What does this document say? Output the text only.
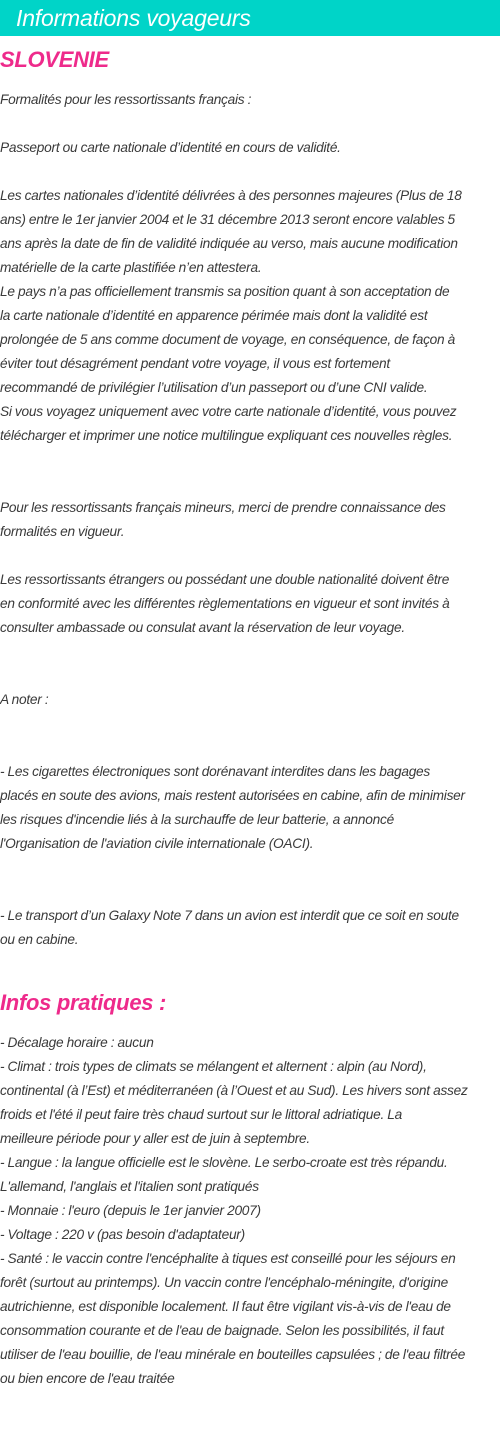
Informations voyageurs
SLOVENIE

Formalités pour les ressortissants français :

Passeport ou carte nationale d’identité en cours de validité.

Les cartes nationales d’identité délivrées à des personnes majeures (Plus de 18
ans) entre le 1er janvier 2004 et le 31 décembre 2013 seront encore valables 5
ans après la date de fin de validité indiquée au verso, mais aucune modification
matérielle de la carte plastifiée n’en attestera.
Le pays n’a pas officiellement transmis sa position quant à son acceptation de
la carte nationale d’identité en apparence périmée mais dont la validité est
prolongée de 5 ans comme document de voyage, en conséquence, de façon à
éviter tout désagrément pendant votre voyage, il vous est fortement
recommandé de privilégier l’utilisation d’un passeport ou d’une CNI valide.
Si vous voyagez uniquement avec votre carte nationale d’identité, vous pouvez
télécharger et imprimer une notice multilingue expliquant ces nouvelles règles.

Pour les ressortissants français mineurs, merci de prendre connaissance des
formalités en vigueur.

Les ressortissants étrangers ou possédant une double nationalité doivent être
en conformité avec les différentes règlementations en vigueur et sont invités à
consulter ambassade ou consulat avant la réservation de leur voyage.

A noter :

- Les cigarettes électroniques sont dorénavant interdites dans les bagages
placés en soute des avions, mais restent autorisées en cabine, afin de minimiser
les risques d'incendie liés à la surchauffe de leur batterie, a annoncé
l'Organisation de l'aviation civile internationale (OACI).

- Le transport d’un Galaxy Note 7 dans un avion est interdit que ce soit en soute
ou en cabine.

Infos pratiques :

- Décalage horaire : aucun
- Climat : trois types de climats se mélangent et alternent : alpin (au Nord),
continental (à l’Est) et méditerranéen (à l’Ouest et au Sud). Les hivers sont assez
froids et l'été il peut faire très chaud surtout sur le littoral adriatique. La
meilleure période pour y aller est de juin à septembre.
- Langue : la langue officielle est le slovène. Le serbo-croate est très répandu.
L'allemand, l'anglais et l'italien sont pratiqués
- Monnaie : l'euro (depuis le 1er janvier 2007)
- Voltage : 220 v (pas besoin d'adaptateur)
- Santé : le vaccin contre l'encéphalite à tiques est conseillé pour les séjours en
forêt (surtout au printemps). Un vaccin contre l'encéphalo-méningite, d'origine
autrichienne, est disponible localement. Il faut être vigilant vis-à-vis de l'eau de
consommation courante et de l'eau de baignade. Selon les possibilités, il faut
utiliser de l'eau bouillie, de l'eau minérale en bouteilles capsulées ; de l'eau filtrée
ou bien encore de l'eau traitée
